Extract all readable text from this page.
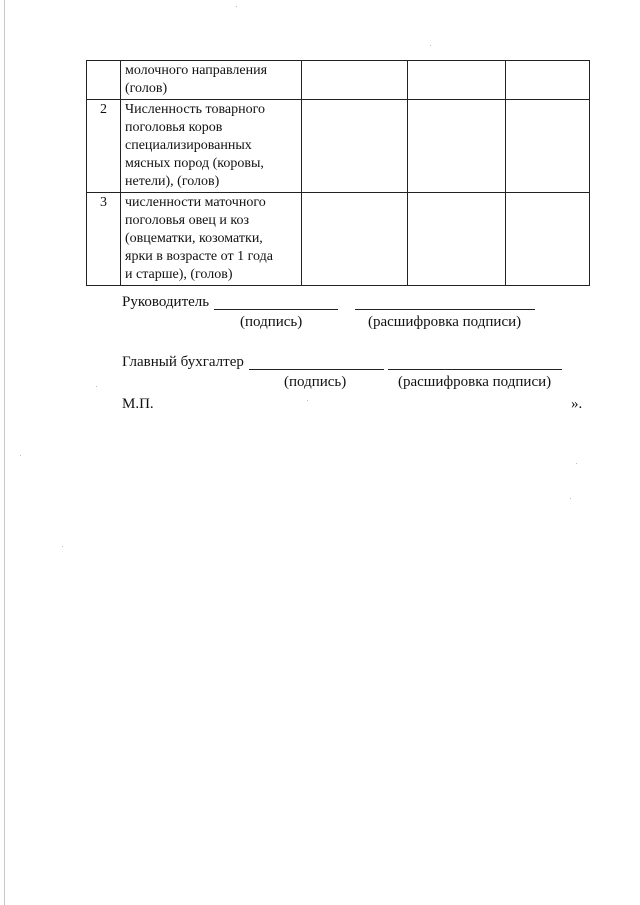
	молочного направления
(голов)			

2	Численность товарного
поголовья коров
специализированных
мясных пород (коровы,
нетели), (голов)			

3	численности маточного
поголовья овец и коз
(овцематки, козоматки,
ярки в возрасте от 1 года
и старше), (голов)			

Руководитель
(подпись)	(расшифровка подписи)
Главный бухгалтер
(подпись)	(расшифровка подписи)
М.П.	».
